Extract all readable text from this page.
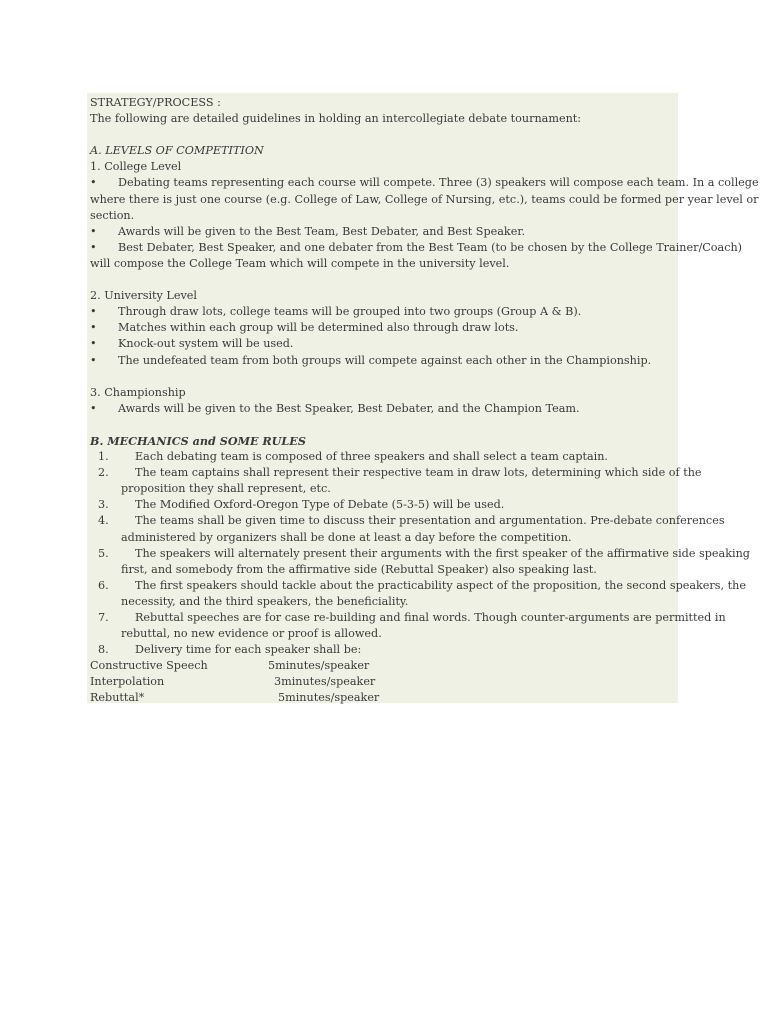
STRATEGY/PROCESS :
The following are detailed guidelines in holding an intercollegiate debate tournament:
A. LEVELS OF COMPETITION
1. College Level
•	Debating teams representing each course will compete. Three (3) speakers will compose each team. In a college
where there is just one course (e.g. College of Law, College of Nursing, etc.), teams could be formed per year level or
section.
•	Awards will be given to the Best Team, Best Debater, and Best Speaker.
•	Best Debater, Best Speaker, and one debater from the Best Team (to be chosen by the College Trainer/Coach)
will compose the College Team which will compete in the university level.
2. University Level
•	Through draw lots, college teams will be grouped into two groups (Group A & B).
•	Matches within each group will be determined also through draw lots.
•	Knock-out system will be used.
•	The undefeated team from both groups will compete against each other in the Championship.
3. Championship
•	Awards will be given to the Best Speaker, Best Debater, and the Champion Team.
B. MECHANICS and SOME RULES
1.	Each debating team is composed of three speakers and shall select a team captain.
2.	The team captains shall represent their respective team in draw lots, determining which side of the
proposition they shall represent, etc.
3.	The Modified Oxford-Oregon Type of Debate (5-3-5) will be used.
4.	The teams shall be given time to discuss their presentation and argumentation. Pre-debate conferences
administered by organizers shall be done at least a day before the competition.
5.	The speakers will alternately present their arguments with the first speaker of the affirmative side speaking
first, and somebody from the affirmative side (Rebuttal Speaker) also speaking last.
6.	The first speakers should tackle about the practicability aspect of the proposition, the second speakers, the
necessity, and the third speakers, the beneficiality.
7.	Rebuttal speeches are for case re-building and final words. Though counter-arguments are permitted in
rebuttal, no new evidence or proof is allowed.
8.	Delivery time for each speaker shall be:
Constructive Speech	5minutes/speaker
Interpolation	3minutes/speaker
Rebuttal*	5minutes/speaker
